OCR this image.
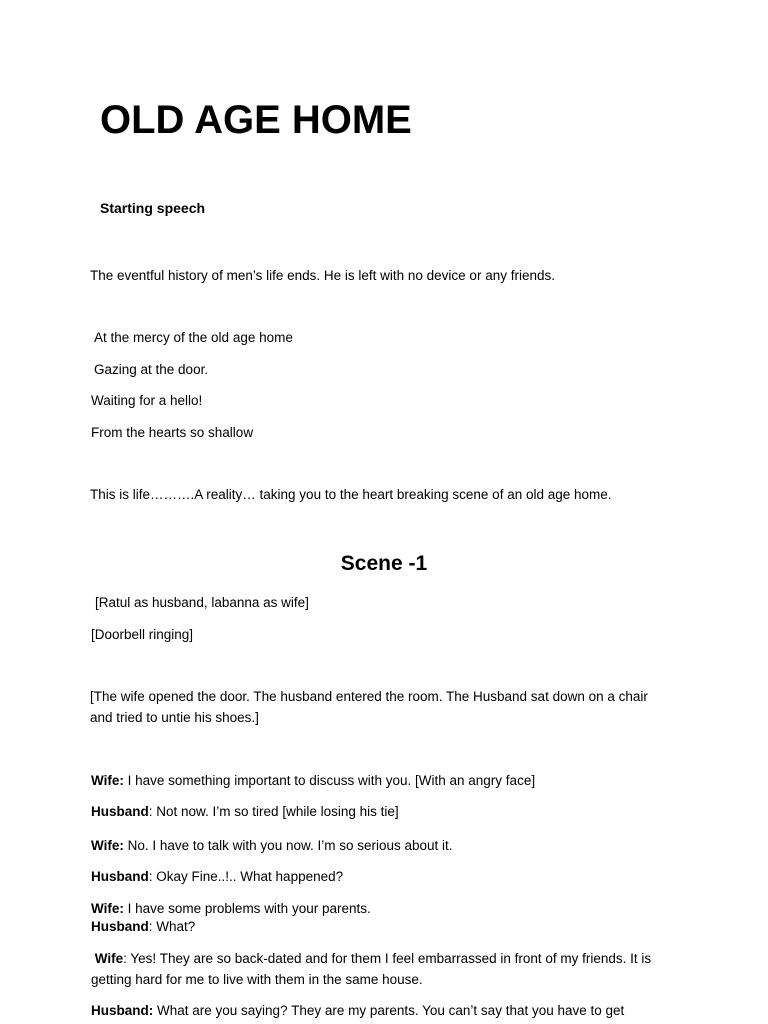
OLD AGE HOME

Starting speech

The eventful history of men’s life ends. He is left with no device or any friends.

At the mercy of the old age home

Gazing at the door.

Waiting for a hello!

From the hearts so shallow

This is life……….A reality… taking you to the heart breaking scene of an old age home.

Scene -1

[Ratul as husband, labanna as wife]

[Doorbell ringing]

[The wife opened the door. The husband entered the room. The Husband sat down on a chair and tried to untie his shoes.]

Wife: I have something important to discuss with you. [With an angry face]

Husband: Not now. I’m so tired [while losing his tie]

Wife: No. I have to talk with you now. I’m so serious about it.

Husband: Okay Fine..!.. What happened?

Wife: I have some problems with your parents.

Husband: What?

Wife: Yes! They are so back-dated and for them I feel embarrassed in front of my friends. It is getting hard for me to live with them in the same house.

Husband: What are you saying? They are my parents. You can’t say that you have to get
